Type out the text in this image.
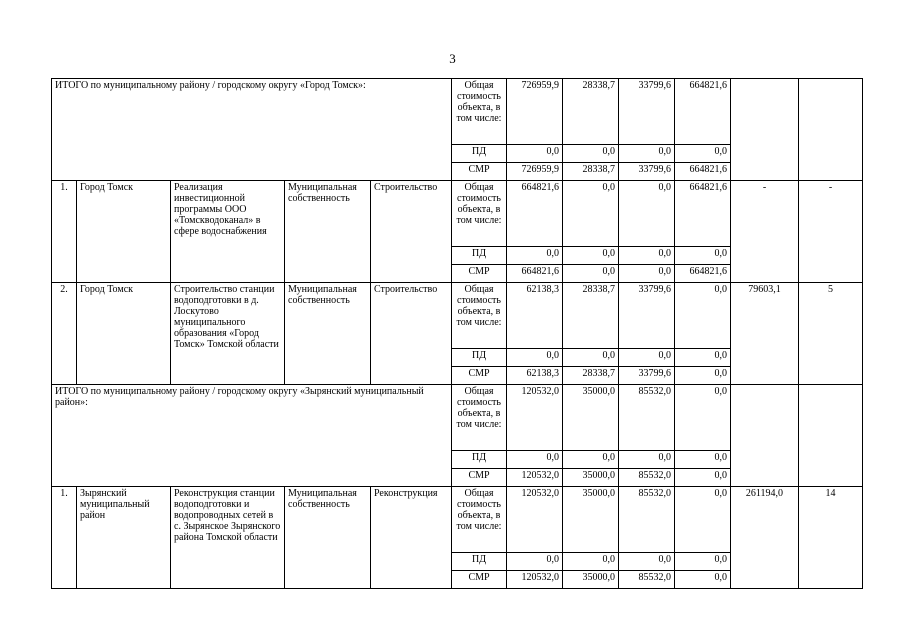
3
ИТОГО по муниципальному району / городскому округу «Город Томск»:					Общая стоимость объекта, в том числе:	726959,9	28338,7	33799,6	664821,6		
					ПД	0,0	0,0	0,0	0,0		
					СМР	726959,9	28338,7	33799,6	664821,6		
1.	Город Томск	Реализация инвестиционной программы ООО «Томскводоканал» в сфере водоснабжения	Муниципальная собственность	Строительство	Общая стоимость объекта, в том числе:	664821,6	0,0	0,0	664821,6	-	-
					ПД	0,0	0,0	0,0	0,0		
					СМР	664821,6	0,0	0,0	664821,6		
2.	Город Томск	Строительство станции водоподготовки в д. Лоскутово муниципального образования «Город Томск» Томской области	Муниципальная собственность	Строительство	Общая стоимость объекта, в том числе:	62138,3	28338,7	33799,6	0,0	79603,1	5
					ПД	0,0	0,0	0,0	0,0		
					СМР	62138,3	28338,7	33799,6	0,0		
ИТОГО по муниципальному району / городскому округу «Зырянский муниципальный район»:					Общая стоимость объекта, в том числе:	120532,0	35000,0	85532,0	0,0		
					ПД	0,0	0,0	0,0	0,0		
					СМР	120532,0	35000,0	85532,0	0,0		
1.	Зырянский муниципальный район	Реконструкция станции водоподготовки и водопроводных сетей в с. Зырянское Зырянского района Томской области	Муниципальная собственность	Реконструкция	Общая стоимость объекта, в том числе:	120532,0	35000,0	85532,0	0,0	261194,0	14
					ПД	0,0	0,0	0,0	0,0		
					СМР	120532,0	35000,0	85532,0	0,0		
